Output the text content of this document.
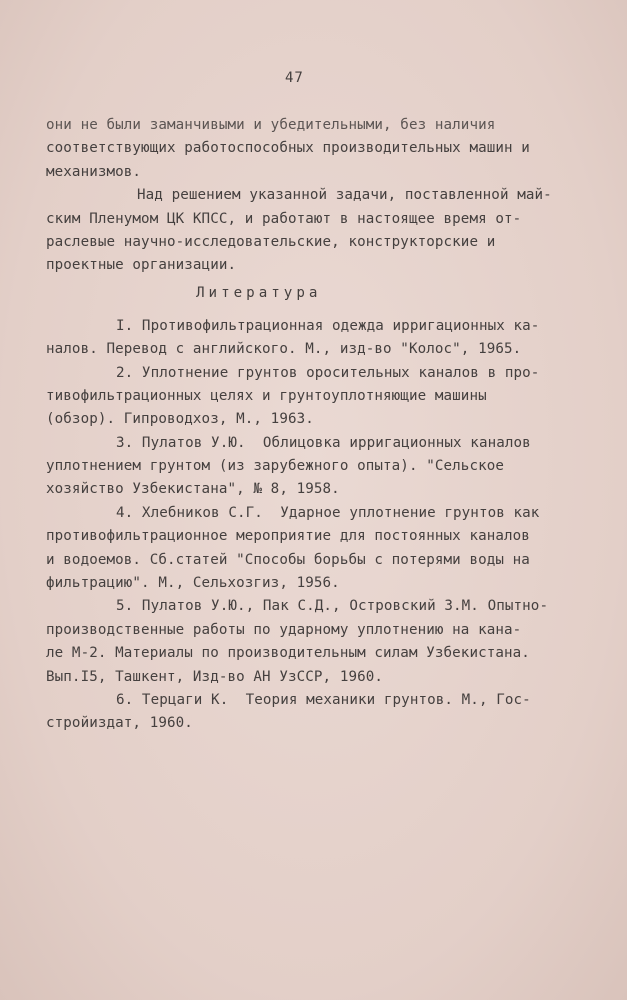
47
они не были заманчивыми и убедительными, без наличия
соответствующих работоспособных производительных машин и
механизмов.
Над решением указанной задачи, поставленной май-
ским Пленумом ЦК КПСС, и работают в настоящее время от-
раслевые научно-исследовательские, конструкторские и
проектные организации.
Литература
I. Противофильтрационная одежда ирригационных ка-
налов. Перевод с английского. М., изд-во "Колос", 1965.
2. Уплотнение грунтов оросительных каналов в про-
тивофильтрационных целях и грунтоуплотняющие машины
(обзор). Гипроводхоз, М., 1963.
3. Пулатов У.Ю.  Облицовка ирригационных каналов
уплотнением грунтом (из зарубежного опыта). "Сельское
хозяйство Узбекистана", № 8, 1958.
4. Хлебников С.Г.  Ударное уплотнение грунтов как
противофильтрационное мероприятие для постоянных каналов
и водоемов. Сб.статей "Способы борьбы с потерями воды на
фильтрацию". М., Сельхозгиз, 1956.
5. Пулатов У.Ю., Пак С.Д., Островский З.М. Опытно-
производственные работы по ударному уплотнению на кана-
ле М-2. Материалы по производительным силам Узбекистана.
Вып.I5, Ташкент, Изд-во АН УзССР, 1960.
6. Терцаги К.  Теория механики грунтов. М., Гос-
стройиздат, 1960.
